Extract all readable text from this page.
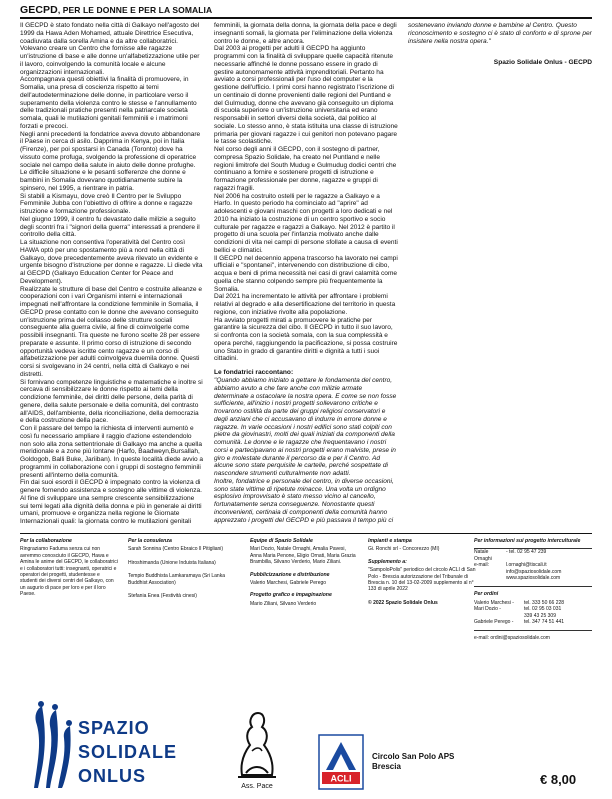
GECPD, PER LE DONNE E PER LA SOMALIA

Il GECPD è stato fondato nella città di Galkayo nell'agosto del 1999 da Hawa Aden Mohamed, attuale Direttrice Esecutiva, coadiuvata dalla sorella Amina e da altre collaboratrici. Volevano creare un Centro che fornisse alle ragazze un'istruzione di base e alle donne un'alfabetizzazione utile per il lavoro, coinvolgendo la comunità locale e alcune organizzazioni internazionali.

Accompagnava questi obiettivi la finalità di promuovere, in Somalia, una presa di coscienza rispetto ai temi dell'autodeterminazione delle donne, in particolare verso il superamento della violenza contro le stesse e l'annullamento delle tradizionali pratiche presenti nella patriarcale società somala, quali le mutilazioni genitali femminili e i matrimoni forzati e precoci.

Negli anni precedenti la fondatrice aveva dovuto abbandonare il Paese in cerca di asilo. Dapprima in Kenya, poi in Italia (Firenze), per poi spostarsi in Canada (Toronto) dove ha vissuto come profuga, svolgendo la professione di operatrice sociale nel campo della salute in aiuto delle donne profughe.

Le difficile situazione e le pesanti sofferenze che donne e bambini in Somalia dovevano quotidianamente subire la spinsero, nel 1995, a rientrare in patria.

Si stabilì a Kismayu, dove creò Il Centro per le Sviluppo Femminile Jubba con l'obiettivo di offrire a donne e ragazze istruzione e formazione professionale.

Nel giugno 1999, il centro fu devastato dalle milizie a seguito degli scontri fra i "signori della guerra" interessati a prendere il controllo della città.

La situazione non consentiva l'operatività del Centro così HAWA optò per uno spostamento più a nord nella città di Galkayo, dove precedentemente aveva rilevato un evidente e urgente bisogno d'istruzione per donne e ragazze. Lì diede vita al GECPD (Galkayo Education Center for Peace and Development).

Realizzate le strutture di base del Centro e costruite alleanze e cooperazioni con i vari Organismi interni e internazionali impegnati nell'affrontare la condizione femminile in Somalia, il GECPD prese contatto con le donne che avevano conseguito un'istruzione prima del collasso delle strutture sociali conseguente alla guerra civile, al fine di coinvolgerle come possibili insegnanti. Tra queste ne furono scelte 28 per essere preparate e assunte. Il primo corso di istruzione di secondo opportunità vedeva iscritte cento ragazze e un corso di alfabetizzazione per adulti coinvolgeva duemila donne. Questi corsi si svolgevano in 24 centri, nella città di Galkayo e nei distretti.

Si fornivano competenze linguistiche e matematiche e inoltre si cercava di sensibilizzare le donne rispetto ai temi della condizione femminile, dei diritti delle persone, della parità di genere, della salute personale e della comunità, del contrasto all'AIDS, dell'ambiente, della riconciliazione, della democrazia e della costruzione della pace.

Con il passare del tempo la richiesta di interventi aumentò e così fu necessario ampliare il raggio d'azione estendendolo non solo alla zona settentrionale di Galkayo ma anche a quella meridionale e a zone più lontane (Harfo, Baadweyn,Bursallah, Goldogob, Balli Buke, Jariiban). In queste località diede avvio a programmi in collaborazione con i gruppi di sostegno femminili presenti all'interno della comunità.

Fin dai suoi esordi il GECPD è impegnato contro la violenza di genere fornendo assistenza e sostegno alle vittime di violenza. Al fine di sviluppare una sempre crescente sensibilizzazione sui temi legati alla dignità della donna e più in generale ai diritti umani, promuove e organizza nella regione le Giornate Internazionali quali: la giornata contro le mutilazioni genitali femminili, la giornata della donna, la giornata della pace e degli insegnanti somali, la giornata per l'eliminazione della violenza contro le donne, e altre ancora.

Dal 2003 ai progetti per adulti il GECPD ha aggiunto programmi con la finalità di sviluppare quelle capacità ritenute necessarie affinché le donne possano essere in grado di gestire autonomamente attività imprenditoriali. Pertanto ha avviato a corsi professionali per l'uso del computer e la gestione dell'ufficio. I primi corsi hanno registrato l'iscrizione di un centinaio di donne provenienti dalle regioni del Puntland e del Gulmudug, donne che avevano già conseguito un diploma di scuola superiore o un'istruzione universitaria ed erano responsabili in settori diversi della società, dal politico al sociale. Lo stesso anno, è stata istituita una classe di istruzione primaria per giovani ragazze i cui genitori non potevano pagare le tasse scolastiche.

Nel corso degli anni il GECPD, con il sostegno di partner, compresa Spazio Solidale, ha creato nel Puntland e nelle regioni limitrofe del South Mudug e Gulmudug dodici centri che continuano a fornire e sostenere progetti di istruzione e formazione professionale per donne, ragazze e gruppi di ragazzi fragili.

Nel 2006 ha costruito ostelli per le ragazze a Galkayo e a Harfo. In questo periodo ha cominciato ad "aprire" ad adolescenti e giovani maschi con progetti a loro dedicati e nel 2010 ha iniziato la costruzione di un centro sportivo e socio culturale per ragazze e ragazzi a Galkayo. Nel 2012 è partito il progetto di una scuola per l'infanzia motivato anche dalle condizioni di vita nei campi di persone sfollate a causa di eventi bellici e climatici.

Il GECPD nel decennio appena trascorso ha lavorato nei campi ufficiali e "spontanei", intervenendo con distribuzione di cibo, acqua e beni di prima necessità nei casi di gravi calamità come quella che stanno colpendo sempre più frequentemente la Somalia.

Dal 2021 ha incrementato le attività per affrontare i problemi relativi al degrado e alla desertificazione del territorio in questa regione, con iniziative rivolte alla popolazione.

Ha avviato progetti mirati a promuovere le pratiche per garantire la sicurezza del cibo. Il GECPD in tutto il suo lavoro, si confronta con la società somala, con la sua complessità e opera perché, raggiungendo la pacificazione, si possa costruire uno Stato in grado di garantire diritti e dignità a tutti i suoi cittadini.

Le fondatrici raccontano:

"Quando abbiamo iniziato a gettare le fondamenta del centro, abbiamo avuto a che fare anche con milizie armate determinate a ostacolare la nostra opera. E come se non fosse sufficiente, all'inizio i nostri progetti sollevarono critiche e trovarono ostilità da parte dei gruppi religiosi conservatori e degli anziani che ci accusavano di indurre in errore donne e ragazze. In varie occasioni i nostri edifici sono stati colpiti con pietre da giovinastri, molti dei quali iniziati da componenti della comunità. Le donne e le ragazze che frequentavano i nostri corsi e partecipavano ai nostri progetti erano malviste, prese in giro e molestate durante il percorso da e per il Centro. Ad alcune sono state perquisite le cartelle, perché sospettate di nascondere strumenti culturalmente non adatti.

Inoltre, fondatrice e personale del centro, in diverse occasioni, sono state vittime di ripetute minacce. Una volta un ordigno esplosivo improvvisato è stato messo vicino al cancello, fortunatamente senza conseguenze. Nonostante questi inconvenienti, certinaia di componenti della comunità hanno apprezzato i progetti del GECPD e più passava il tempo più ci sostenevano inviando donne e bambine al Centro. Questo riconoscimento e sostegno ci è stato di conforto e di sprone per insistere nella nostra opera."

Spazio Solidale Onlus - GECPD

Per la collaborazione

Ringraziamo Faduma senza cui non avremmo conosciuto il GECPD, Hawa e Amina le anime del GECPD, le collaboratrici e i collaboratori tutti: insegnanti, operatrici e operatori dei progetti, studentesse e studenti dei diversi centri del Galkayo, con un augurio di pace per loro e per il loro Paese.

Per la consulenza

Sarah Sonnina (Centro Ebraico Il Pitigliani)

Hiroshimanda (Unione Induista Italiana)

Tempio Buddhista Lamkaramaya (Sri Lanka Buddhist Association)

Stefania Enea (Festività cinesi)

Equipe di Spazio Solidale

Mari Dozio, Natale Ornaghi, Amalia Pavesi, Anna Maria Penone, Eligio Ornati, Maria Grazia Brambilla, Silvano Verderio, Mario Ziliani.

Pubblicizzazione e distribuzione

Valerio Marchesi, Gabriele Perego

Progetto grafico e impaginazione

Mario Ziliani, Silvano Verderio

Impianti e stampa

Gi. Ronchi srl - Concorezzo (MI)

Supplemento a:

"SampoloPolis" periodico del circolo ACLI di San Polo - Brescia autorizzazione del Tribunale di Brescia n. 10 del 13-02-2009 supplemento al n° 133 di aprile 2022

© 2022 Spazio Solidale Onlus

Per informazioni sui progetto interculturale
Natale Ornaghi
- tel. 02 95 47 239
e-mail:	l.ornaghi@tiscali.it
info@spaziosolidale.com
www.spaziosolidale.com
Per ordini
Valerio Marchesi -	tel. 333 50 66 228
Mari Dozio -	tel. 02 95 03 031
339 43 25 309
Gabriele Perego -	tel. 347 74 51 441

e-mail: ordini@spaziosolidale.com

SPAZIO
SOLIDALE
ONLUS
Ass. Pace
ACLI
Circolo San Polo APS
Brescia
€ 8,00
